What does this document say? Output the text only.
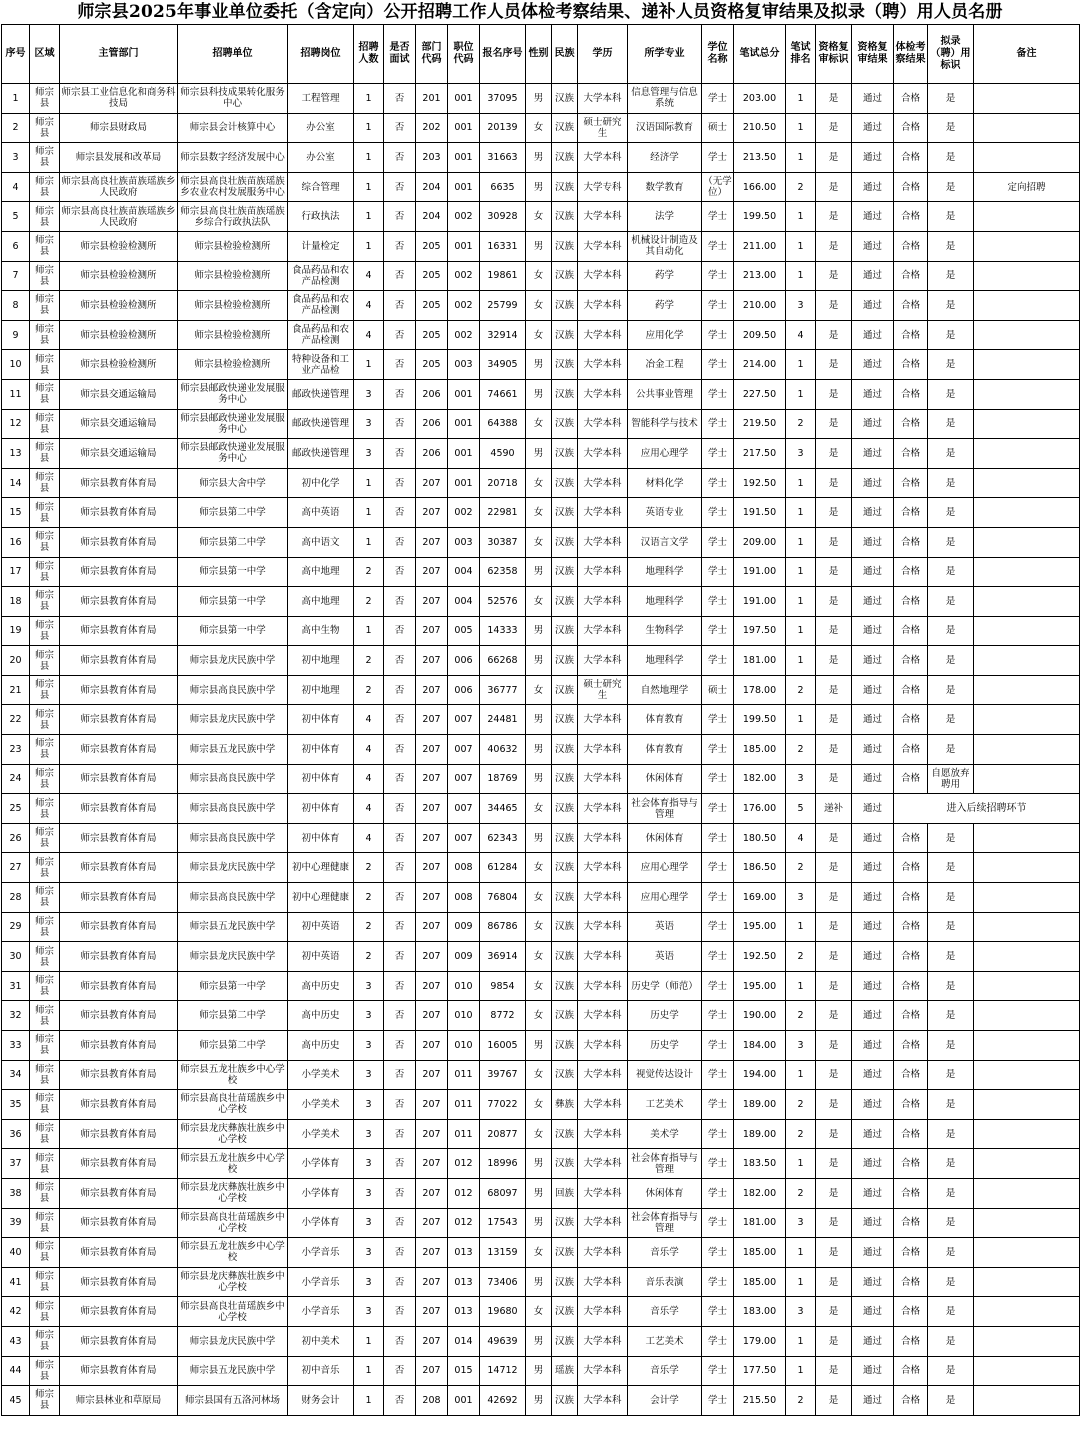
师宗县2025年事业单位委托（含定向）公开招聘工作人员体检考察结果、递补人员资格复审结果及拟录（聘）用人员名册
序号	区域	主管部门	招聘单位	招聘岗位	招聘人数	是否面试	部门代码	职位代码	报名序号	性别	民族	学历	所学专业	学位名称	笔试总分	笔试排名	资格复审标识	资格复审结果	体检考察结果	拟录（聘）用标识	备注
1	师宗县	师宗县工业信息化和商务科技局	师宗县科技成果转化服务中心	工程管理	1	否	201	001	37095	男	汉族	大学本科	信息管理与信息系统	学士	203.00	1	是	通过	合格	是	
2	师宗县	师宗县财政局	师宗县会计核算中心	办公室	1	否	202	001	20139	女	汉族	硕士研究生	汉语国际教育	硕士	210.50	1	是	通过	合格	是	
3	师宗县	师宗县发展和改革局	师宗县数字经济发展中心	办公室	1	否	203	001	31663	男	汉族	大学本科	经济学	学士	213.50	1	是	通过	合格	是	
4	师宗县	师宗县高良壮族苗族瑶族乡人民政府	师宗县高良壮族苗族瑶族乡农业农村发展服务中心	综合管理	1	否	204	001	6635	男	汉族	大学专科	数学教育	（无学位）	166.00	2	是	通过	合格	是	定向招聘
5	师宗县	师宗县高良壮族苗族瑶族乡人民政府	师宗县高良壮族苗族瑶族乡综合行政执法队	行政执法	1	否	204	002	30928	女	汉族	大学本科	法学	学士	199.50	1	是	通过	合格	是	
6	师宗县	师宗县检验检测所	师宗县检验检测所	计量检定	1	否	205	001	16331	男	汉族	大学本科	机械设计制造及其自动化	学士	211.00	1	是	通过	合格	是	
7	师宗县	师宗县检验检测所	师宗县检验检测所	食品药品和农产品检测	4	否	205	002	19861	女	汉族	大学本科	药学	学士	213.00	1	是	通过	合格	是	
8	师宗县	师宗县检验检测所	师宗县检验检测所	食品药品和农产品检测	4	否	205	002	25799	女	汉族	大学本科	药学	学士	210.00	3	是	通过	合格	是	
9	师宗县	师宗县检验检测所	师宗县检验检测所	食品药品和农产品检测	4	否	205	002	32914	女	汉族	大学本科	应用化学	学士	209.50	4	是	通过	合格	是	
10	师宗县	师宗县检验检测所	师宗县检验检测所	特种设备和工业产品检	1	否	205	003	34905	男	汉族	大学本科	冶金工程	学士	214.00	1	是	通过	合格	是	
11	师宗县	师宗县交通运输局	师宗县邮政快递业发展服务中心	邮政快递管理	3	否	206	001	74661	男	汉族	大学本科	公共事业管理	学士	227.50	1	是	通过	合格	是	
12	师宗县	师宗县交通运输局	师宗县邮政快递业发展服务中心	邮政快递管理	3	否	206	001	64388	女	汉族	大学本科	智能科学与技术	学士	219.50	2	是	通过	合格	是	
13	师宗县	师宗县交通运输局	师宗县邮政快递业发展服务中心	邮政快递管理	3	否	206	001	4590	男	汉族	大学本科	应用心理学	学士	217.50	3	是	通过	合格	是	
14	师宗县	师宗县教育体育局	师宗县大舍中学	初中化学	1	否	207	001	20718	女	汉族	大学本科	材料化学	学士	192.50	1	是	通过	合格	是	
15	师宗县	师宗县教育体育局	师宗县第二中学	高中英语	1	否	207	002	22981	女	汉族	大学本科	英语专业	学士	191.50	1	是	通过	合格	是	
16	师宗县	师宗县教育体育局	师宗县第二中学	高中语文	1	否	207	003	30387	女	汉族	大学本科	汉语言文学	学士	209.00	1	是	通过	合格	是	
17	师宗县	师宗县教育体育局	师宗县第一中学	高中地理	2	否	207	004	62358	男	汉族	大学本科	地理科学	学士	191.00	1	是	通过	合格	是	
18	师宗县	师宗县教育体育局	师宗县第一中学	高中地理	2	否	207	004	52576	女	汉族	大学本科	地理科学	学士	191.00	1	是	通过	合格	是	
19	师宗县	师宗县教育体育局	师宗县第一中学	高中生物	1	否	207	005	14333	男	汉族	大学本科	生物科学	学士	197.50	1	是	通过	合格	是	
20	师宗县	师宗县教育体育局	师宗县龙庆民族中学	初中地理	2	否	207	006	66268	男	汉族	大学本科	地理科学	学士	181.00	1	是	通过	合格	是	
21	师宗县	师宗县教育体育局	师宗县高良民族中学	初中地理	2	否	207	006	36777	女	汉族	硕士研究生	自然地理学	硕士	178.00	2	是	通过	合格	是	
22	师宗县	师宗县教育体育局	师宗县龙庆民族中学	初中体育	4	否	207	007	24481	男	汉族	大学本科	体育教育	学士	199.50	1	是	通过	合格	是	
23	师宗县	师宗县教育体育局	师宗县五龙民族中学	初中体育	4	否	207	007	40632	男	汉族	大学本科	体育教育	学士	185.00	2	是	通过	合格	是	
24	师宗县	师宗县教育体育局	师宗县高良民族中学	初中体育	4	否	207	007	18769	男	汉族	大学本科	休闲体育	学士	182.00	3	是	通过	合格	自愿放弃聘用	
25	师宗县	师宗县教育体育局	师宗县高良民族中学	初中体育	4	否	207	007	34465	女	汉族	大学本科	社会体育指导与管理	学士	176.00	5	递补	通过	进入后续招聘环节		
26	师宗县	师宗县教育体育局	师宗县高良民族中学	初中体育	4	否	207	007	62343	男	汉族	大学本科	休闲体育	学士	180.50	4	是	通过	合格	是	
27	师宗县	师宗县教育体育局	师宗县龙庆民族中学	初中心理健康	2	否	207	008	61284	女	汉族	大学本科	应用心理学	学士	186.50	2	是	通过	合格	是	
28	师宗县	师宗县教育体育局	师宗县高良民族中学	初中心理健康	2	否	207	008	76804	女	汉族	大学本科	应用心理学	学士	169.00	3	是	通过	合格	是	
29	师宗县	师宗县教育体育局	师宗县五龙民族中学	初中英语	2	否	207	009	86786	女	汉族	大学本科	英语	学士	195.00	1	是	通过	合格	是	
30	师宗县	师宗县教育体育局	师宗县龙庆民族中学	初中英语	2	否	207	009	36914	女	汉族	大学本科	英语	学士	192.50	2	是	通过	合格	是	
31	师宗县	师宗县教育体育局	师宗县第一中学	高中历史	3	否	207	010	9854	女	汉族	大学本科	历史学（师范）	学士	195.00	1	是	通过	合格	是	
32	师宗县	师宗县教育体育局	师宗县第二中学	高中历史	3	否	207	010	8772	女	汉族	大学本科	历史学	学士	190.00	2	是	通过	合格	是	
33	师宗县	师宗县教育体育局	师宗县第二中学	高中历史	3	否	207	010	16005	男	汉族	大学本科	历史学	学士	184.00	3	是	通过	合格	是	
34	师宗县	师宗县教育体育局	师宗县五龙壮族乡中心学校	小学美术	3	否	207	011	39767	女	汉族	大学本科	视觉传达设计	学士	194.00	1	是	通过	合格	是	
35	师宗县	师宗县教育体育局	师宗县高良壮苗瑶族乡中心学校	小学美术	3	否	207	011	77022	女	彝族	大学本科	工艺美术	学士	189.00	2	是	通过	合格	是	
36	师宗县	师宗县教育体育局	师宗县龙庆彝族壮族乡中心学校	小学美术	3	否	207	011	20877	女	汉族	大学本科	美术学	学士	189.00	2	是	通过	合格	是	
37	师宗县	师宗县教育体育局	师宗县五龙壮族乡中心学校	小学体育	3	否	207	012	18996	男	汉族	大学本科	社会体育指导与管理	学士	183.50	1	是	通过	合格	是	
38	师宗县	师宗县教育体育局	师宗县龙庆彝族壮族乡中心学校	小学体育	3	否	207	012	68097	男	回族	大学本科	休闲体育	学士	182.00	2	是	通过	合格	是	
39	师宗县	师宗县教育体育局	师宗县高良壮苗瑶族乡中心学校	小学体育	3	否	207	012	17543	男	汉族	大学本科	社会体育指导与管理	学士	181.00	3	是	通过	合格	是	
40	师宗县	师宗县教育体育局	师宗县五龙壮族乡中心学校	小学音乐	3	否	207	013	13159	女	汉族	大学本科	音乐学	学士	185.00	1	是	通过	合格	是	
41	师宗县	师宗县教育体育局	师宗县龙庆彝族壮族乡中心学校	小学音乐	3	否	207	013	73406	男	汉族	大学本科	音乐表演	学士	185.00	1	是	通过	合格	是	
42	师宗县	师宗县教育体育局	师宗县高良壮苗瑶族乡中心学校	小学音乐	3	否	207	013	19680	女	汉族	大学本科	音乐学	学士	183.00	3	是	通过	合格	是	
43	师宗县	师宗县教育体育局	师宗县龙庆民族中学	初中美术	1	否	207	014	49639	男	汉族	大学本科	工艺美术	学士	179.00	1	是	通过	合格	是	
44	师宗县	师宗县教育体育局	师宗县五龙民族中学	初中音乐	1	否	207	015	14712	男	瑶族	大学本科	音乐学	学士	177.50	1	是	通过	合格	是	
45	师宗县	师宗县林业和草原局	师宗县国有五洛河林场	财务会计	1	否	208	001	42692	男	汉族	大学本科	会计学	学士	215.50	2	是	通过	合格	是	
